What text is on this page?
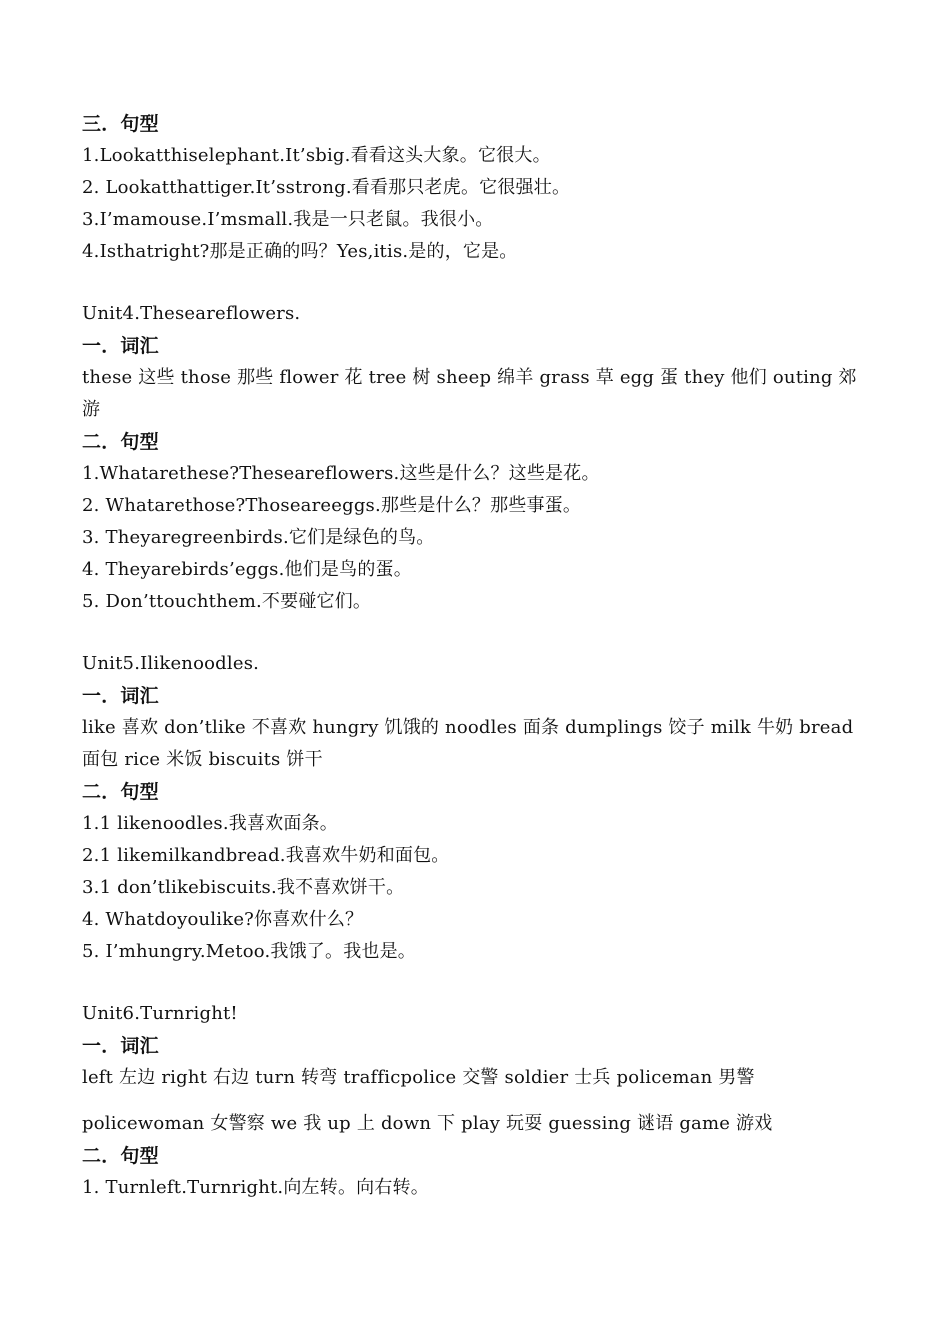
三．句型
1.Lookatthiselephant.It’sbig.看看这头大象。它很大。
2. Lookatthattiger.It’sstrong.看看那只老虎。它很强壮。
3.I’mamouse.I’msmall.我是一只老鼠。我很小。
4.Isthatright?那是正确的吗？Yes,itis.是的，它是。
Unit4.Theseareflowers.
一．词汇
these 这些 those 那些 flower 花 tree 树 sheep 绵羊 grass 草 egg 蛋 they 他们 outing 郊游
二．句型
1.Whatarethese?Theseareflowers.这些是什么？这些是花。
2. Whatarethose?Thoseareeggs.那些是什么？那些事蛋。
3. Theyaregreenbirds.它们是绿色的鸟。
4. Theyarebirds’eggs.他们是鸟的蛋。
5. Don’ttouchthem.不要碰它们。
Unit5.Ilikenoodles.
一．词汇
like 喜欢 don’tlike 不喜欢 hungry 饥饿的 noodles 面条 dumplings 饺子 milk 牛奶 bread 面包 rice 米饭 biscuits 饼干
二．句型
1.1 likenoodles.我喜欢面条。
2.1 likemilkandbread.我喜欢牛奶和面包。
3.1 don’tlikebiscuits.我不喜欢饼干。
4. Whatdoyoulike?你喜欢什么？
5. I’mhungry.Metoo.我饿了。我也是。
Unit6.Turnright!
一．词汇
left 左边 right 右边 turn 转弯 trafficpolice 交警 soldier 士兵 policeman 男警
policewoman 女警察 we 我 up 上 down 下 play 玩耍 guessing 谜语 game 游戏
二．句型
1. Turnleft.Turnright.向左转。向右转。
